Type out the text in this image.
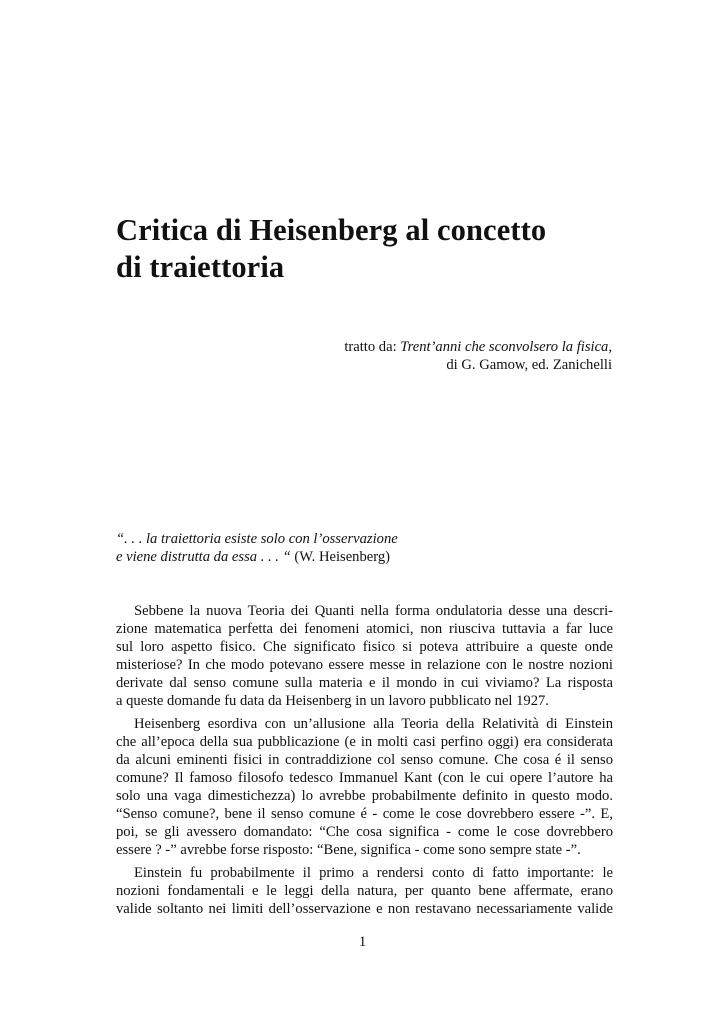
Critica di Heisenberg al concetto
di traiettoria
tratto da: Trent’anni che sconvolsero la fisica,
di G. Gamow, ed. Zanichelli
“. . . la traiettoria esiste solo con l’osservazione
e viene distrutta da essa . . . “ (W. Heisenberg)

Sebbene la nuova Teoria dei Quanti nella forma ondulatoria desse una descri-
zione matematica perfetta dei fenomeni atomici, non riusciva tuttavia a far luce
sul loro aspetto fisico. Che significato fisico si poteva attribuire a queste onde
misteriose? In che modo potevano essere messe in relazione con le nostre nozioni
derivate dal senso comune sulla materia e il mondo in cui viviamo? La risposta
a queste domande fu data da Heisenberg in un lavoro pubblicato nel 1927.

Heisenberg esordiva con un’allusione alla Teoria della Relatività di Einstein
che all’epoca della sua pubblicazione (e in molti casi perfino oggi) era considerata
da alcuni eminenti fisici in contraddizione col senso comune. Che cosa é il senso
comune? Il famoso filosofo tedesco Immanuel Kant (con le cui opere l’autore ha
solo una vaga dimestichezza) lo avrebbe probabilmente definito in questo modo.
“Senso comune?, bene il senso comune é - come le cose dovrebbero essere -”. E,
poi, se gli avessero domandato: “Che cosa significa - come le cose dovrebbero
essere ? -” avrebbe forse risposto: “Bene, significa - come sono sempre state -”.

Einstein fu probabilmente il primo a rendersi conto di fatto importante: le
nozioni fondamentali e le leggi della natura, per quanto bene affermate, erano
valide soltanto nei limiti dell’osservazione e non restavano necessariamente valide

1
